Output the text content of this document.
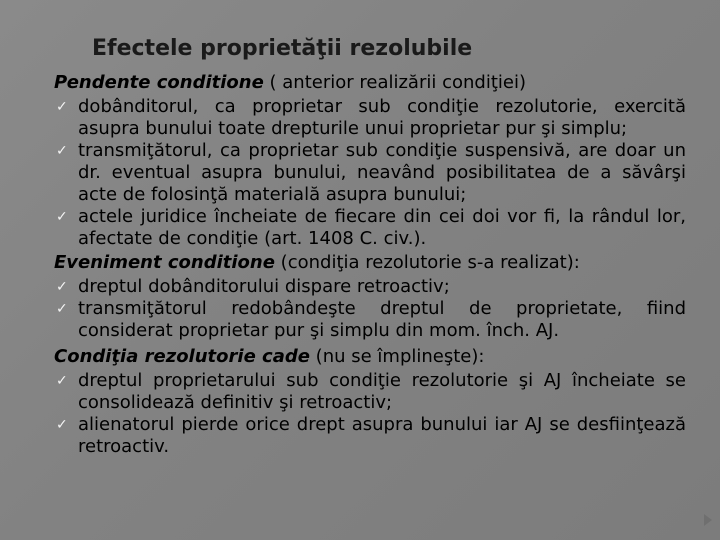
Efectele proprietăţii rezolubile
Pendente conditione ( anterior realizării condiţiei)
✓ dobânditorul, ca proprietar sub condiţie rezolutorie, exercită asupra bunului toate drepturile unui proprietar pur şi simplu;
✓ transmiţătorul, ca proprietar sub condiţie suspensivă, are doar un dr. eventual asupra bunului, neavând posibilitatea de a săvârşi acte de folosinţă materială asupra bunului;
✓ actele juridice încheiate de fiecare din cei doi vor fi, la rândul lor, afectate de condiţie (art. 1408 C. civ.).
Eveniment conditione (condiţia rezolutorie s-a realizat):
✓ dreptul dobânditorului dispare retroactiv;
✓ transmiţătorul redobândeşte dreptul de proprietate, fiind considerat proprietar pur şi simplu din mom. înch. AJ.
Condiţia rezolutorie cade (nu se împlineşte):
✓ dreptul proprietarului sub condiţie rezolutorie şi AJ încheiate se consolidează definitiv şi retroactiv;
✓ alienatorul pierde orice drept asupra bunului iar AJ se desfiinţează retroactiv.
